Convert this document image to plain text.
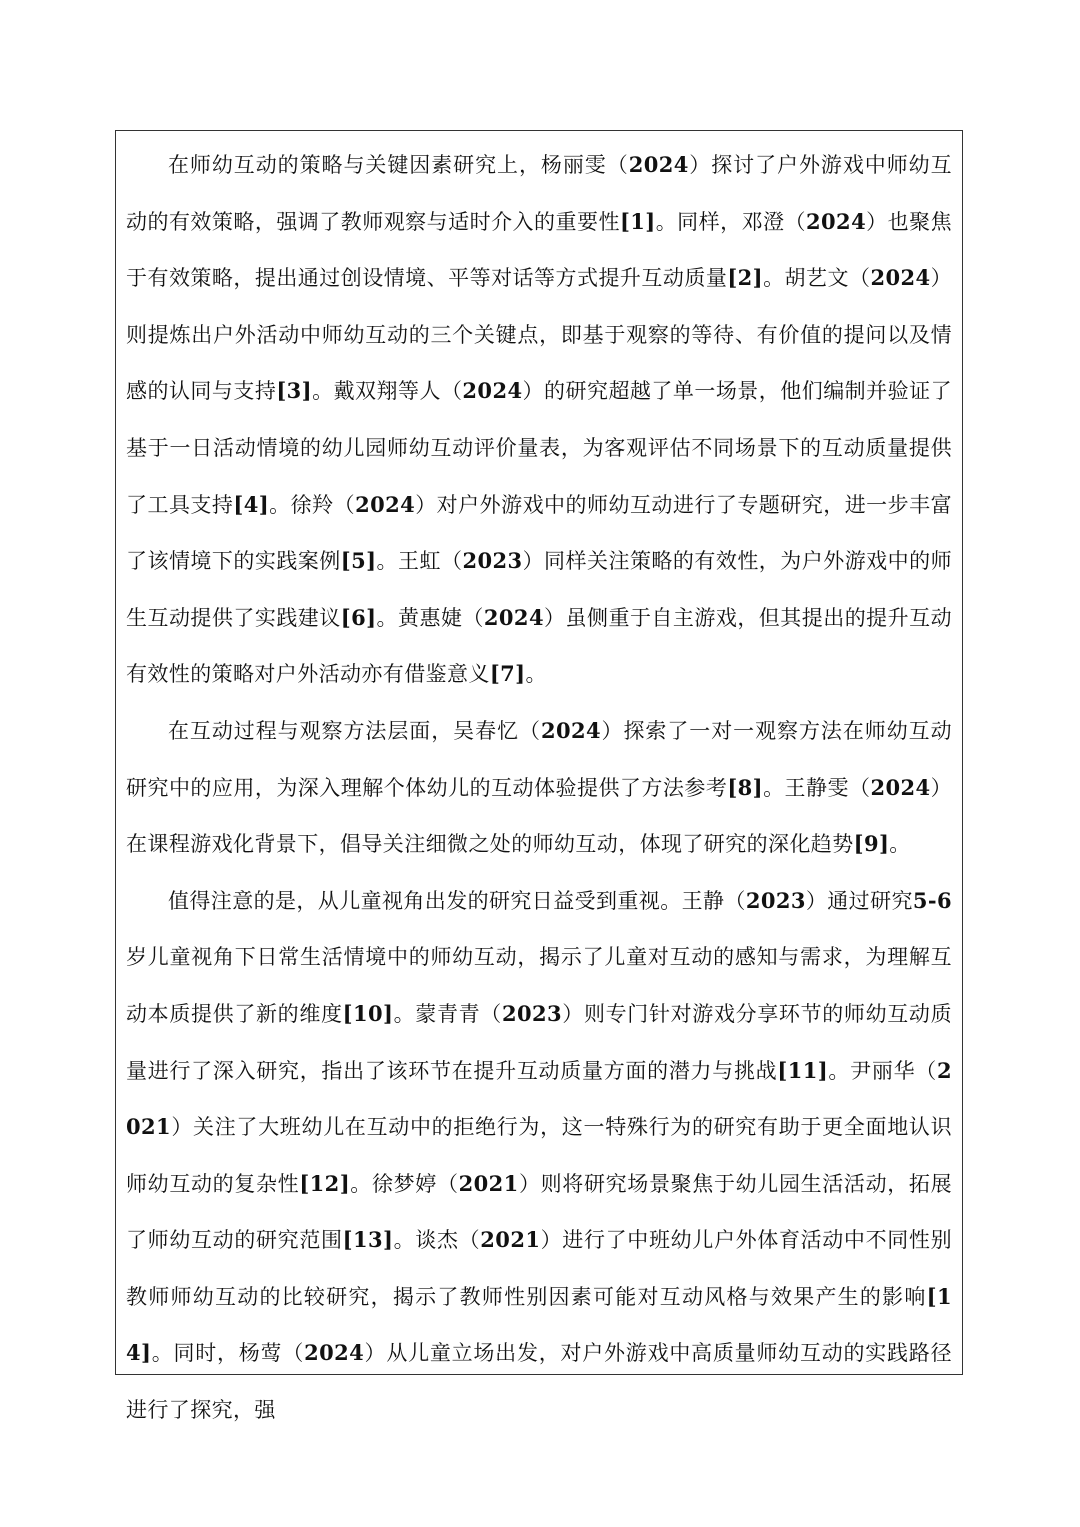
在师幼互动的策略与关键因素研究上，杨丽雯（2024）探讨了户外游戏中师幼互动的有效策略，强调了教师观察与适时介入的重要性[1]。同样，邓澄（2024）也聚焦于有效策略，提出通过创设情境、平等对话等方式提升互动质量[2]。胡艺文（2024）则提炼出户外活动中师幼互动的三个关键点，即基于观察的等待、有价值的提问以及情感的认同与支持[3]。戴双翔等人（2024）的研究超越了单一场景，他们编制并验证了基于一日活动情境的幼儿园师幼互动评价量表，为客观评估不同场景下的互动质量提供了工具支持[4]。徐羚（2024）对户外游戏中的师幼互动进行了专题研究，进一步丰富了该情境下的实践案例[5]。王虹（2023）同样关注策略的有效性，为户外游戏中的师生互动提供了实践建议[6]。黄惠婕（2024）虽侧重于自主游戏，但其提出的提升互动有效性的策略对户外活动亦有借鉴意义[7]。

在互动过程与观察方法层面，吴春忆（2024）探索了一对一观察方法在师幼互动研究中的应用，为深入理解个体幼儿的互动体验提供了方法参考[8]。王静雯（2024）在课程游戏化背景下，倡导关注细微之处的师幼互动，体现了研究的深化趋势[9]。

值得注意的是，从儿童视角出发的研究日益受到重视。王静（2023）通过研究5-6岁儿童视角下日常生活情境中的师幼互动，揭示了儿童对互动的感知与需求，为理解互动本质提供了新的维度[10]。蒙青青（2023）则专门针对游戏分享环节的师幼互动质量进行了深入研究，指出了该环节在提升互动质量方面的潜力与挑战[11]。尹丽华（2021）关注了大班幼儿在互动中的拒绝行为，这一特殊行为的研究有助于更全面地认识师幼互动的复杂性[12]。徐梦婷（2021）则将研究场景聚焦于幼儿园生活活动，拓展了师幼互动的研究范围[13]。谈杰（2021）进行了中班幼儿户外体育活动中不同性别教师师幼互动的比较研究，揭示了教师性别因素可能对互动风格与效果产生的影响[14]。同时，杨莺（2024）从儿童立场出发，对户外游戏中高质量师幼互动的实践路径进行了探究，强
